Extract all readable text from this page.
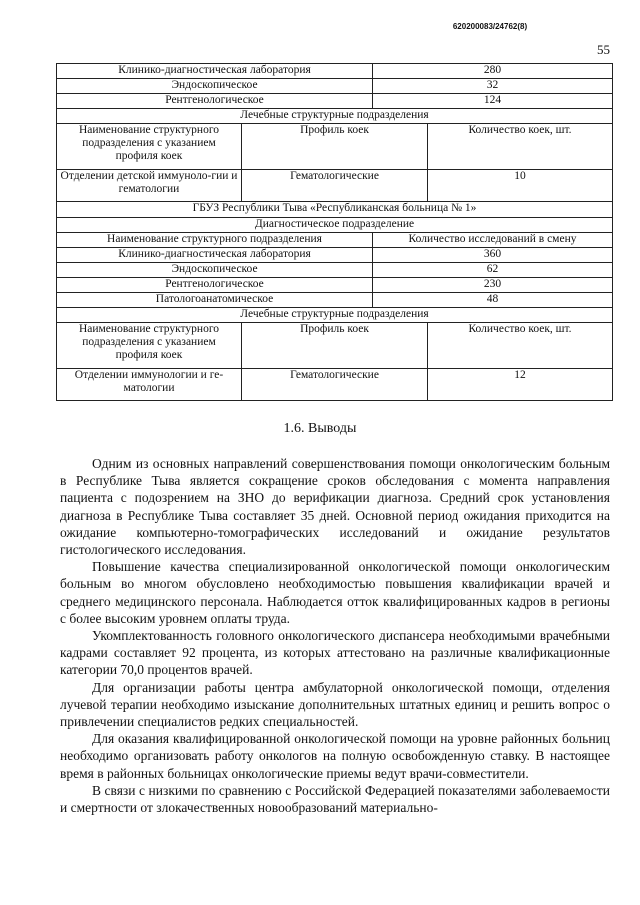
620200083/24762(8)
55
Клинико-диагностическая лаборатория		280	
Эндоскопическое		32	
Рентгенологическое		124	
Лечебные структурные подразделения			
Наименование структурного подразделения с указанием профиля коек	Профиль коек		Количество коек, шт.
Отделении детской иммуноло-гии и гематологии	Гематологические		10
ГБУЗ Республики Тыва «Республиканская больница № 1»			
Диагностическое подразделение			
Наименование структурного подразделения		Количество исследований в смену	
Клинико-диагностическая лаборатория		360	
Эндоскопическое		62	
Рентгенологическое		230	
Патологоанатомическое		48	
Лечебные структурные подразделения			
Наименование структурного подразделения с указанием профиля коек	Профиль коек		Количество коек, шт.
Отделении иммунологии и ге-матологии	Гематологические		12
1.6. Выводы

Одним из основных направлений совершенствования помощи онкологическим больным в Республике Тыва является сокращение сроков обследования с момента направления пациента с подозрением на ЗНО до верификации диагноза. Средний срок установления диагноза в Республике Тыва составляет 35 дней. Основной период ожидания приходится на ожидание компьютерно-томографических исследований и ожидание результатов гистологического исследования.

Повышение качества специализированной онкологической помощи онкологическим больным во многом обусловлено необходимостью повышения квалификации врачей и среднего медицинского персонала. Наблюдается отток квалифицированных кадров в регионы с более высоким уровнем оплаты труда.

Укомплектованность головного онкологического диспансера необходимыми врачебными кадрами составляет 92 процента, из которых аттестовано на различные квалификационные категории 70,0 процентов врачей.

Для организации работы центра амбулаторной онкологической помощи, отделения лучевой терапии необходимо изыскание дополнительных штатных единиц и решить вопрос о привлечении специалистов редких специальностей.

Для оказания квалифицированной онкологической помощи на уровне районных больниц необходимо организовать работу онкологов на полную освобожденную ставку. В настоящее время в районных больницах онкологические приемы ведут врачи-совместители.

В связи с низкими по сравнению с Российской Федерацией показателями заболеваемости и смертности от злокачественных новообразований материально-
